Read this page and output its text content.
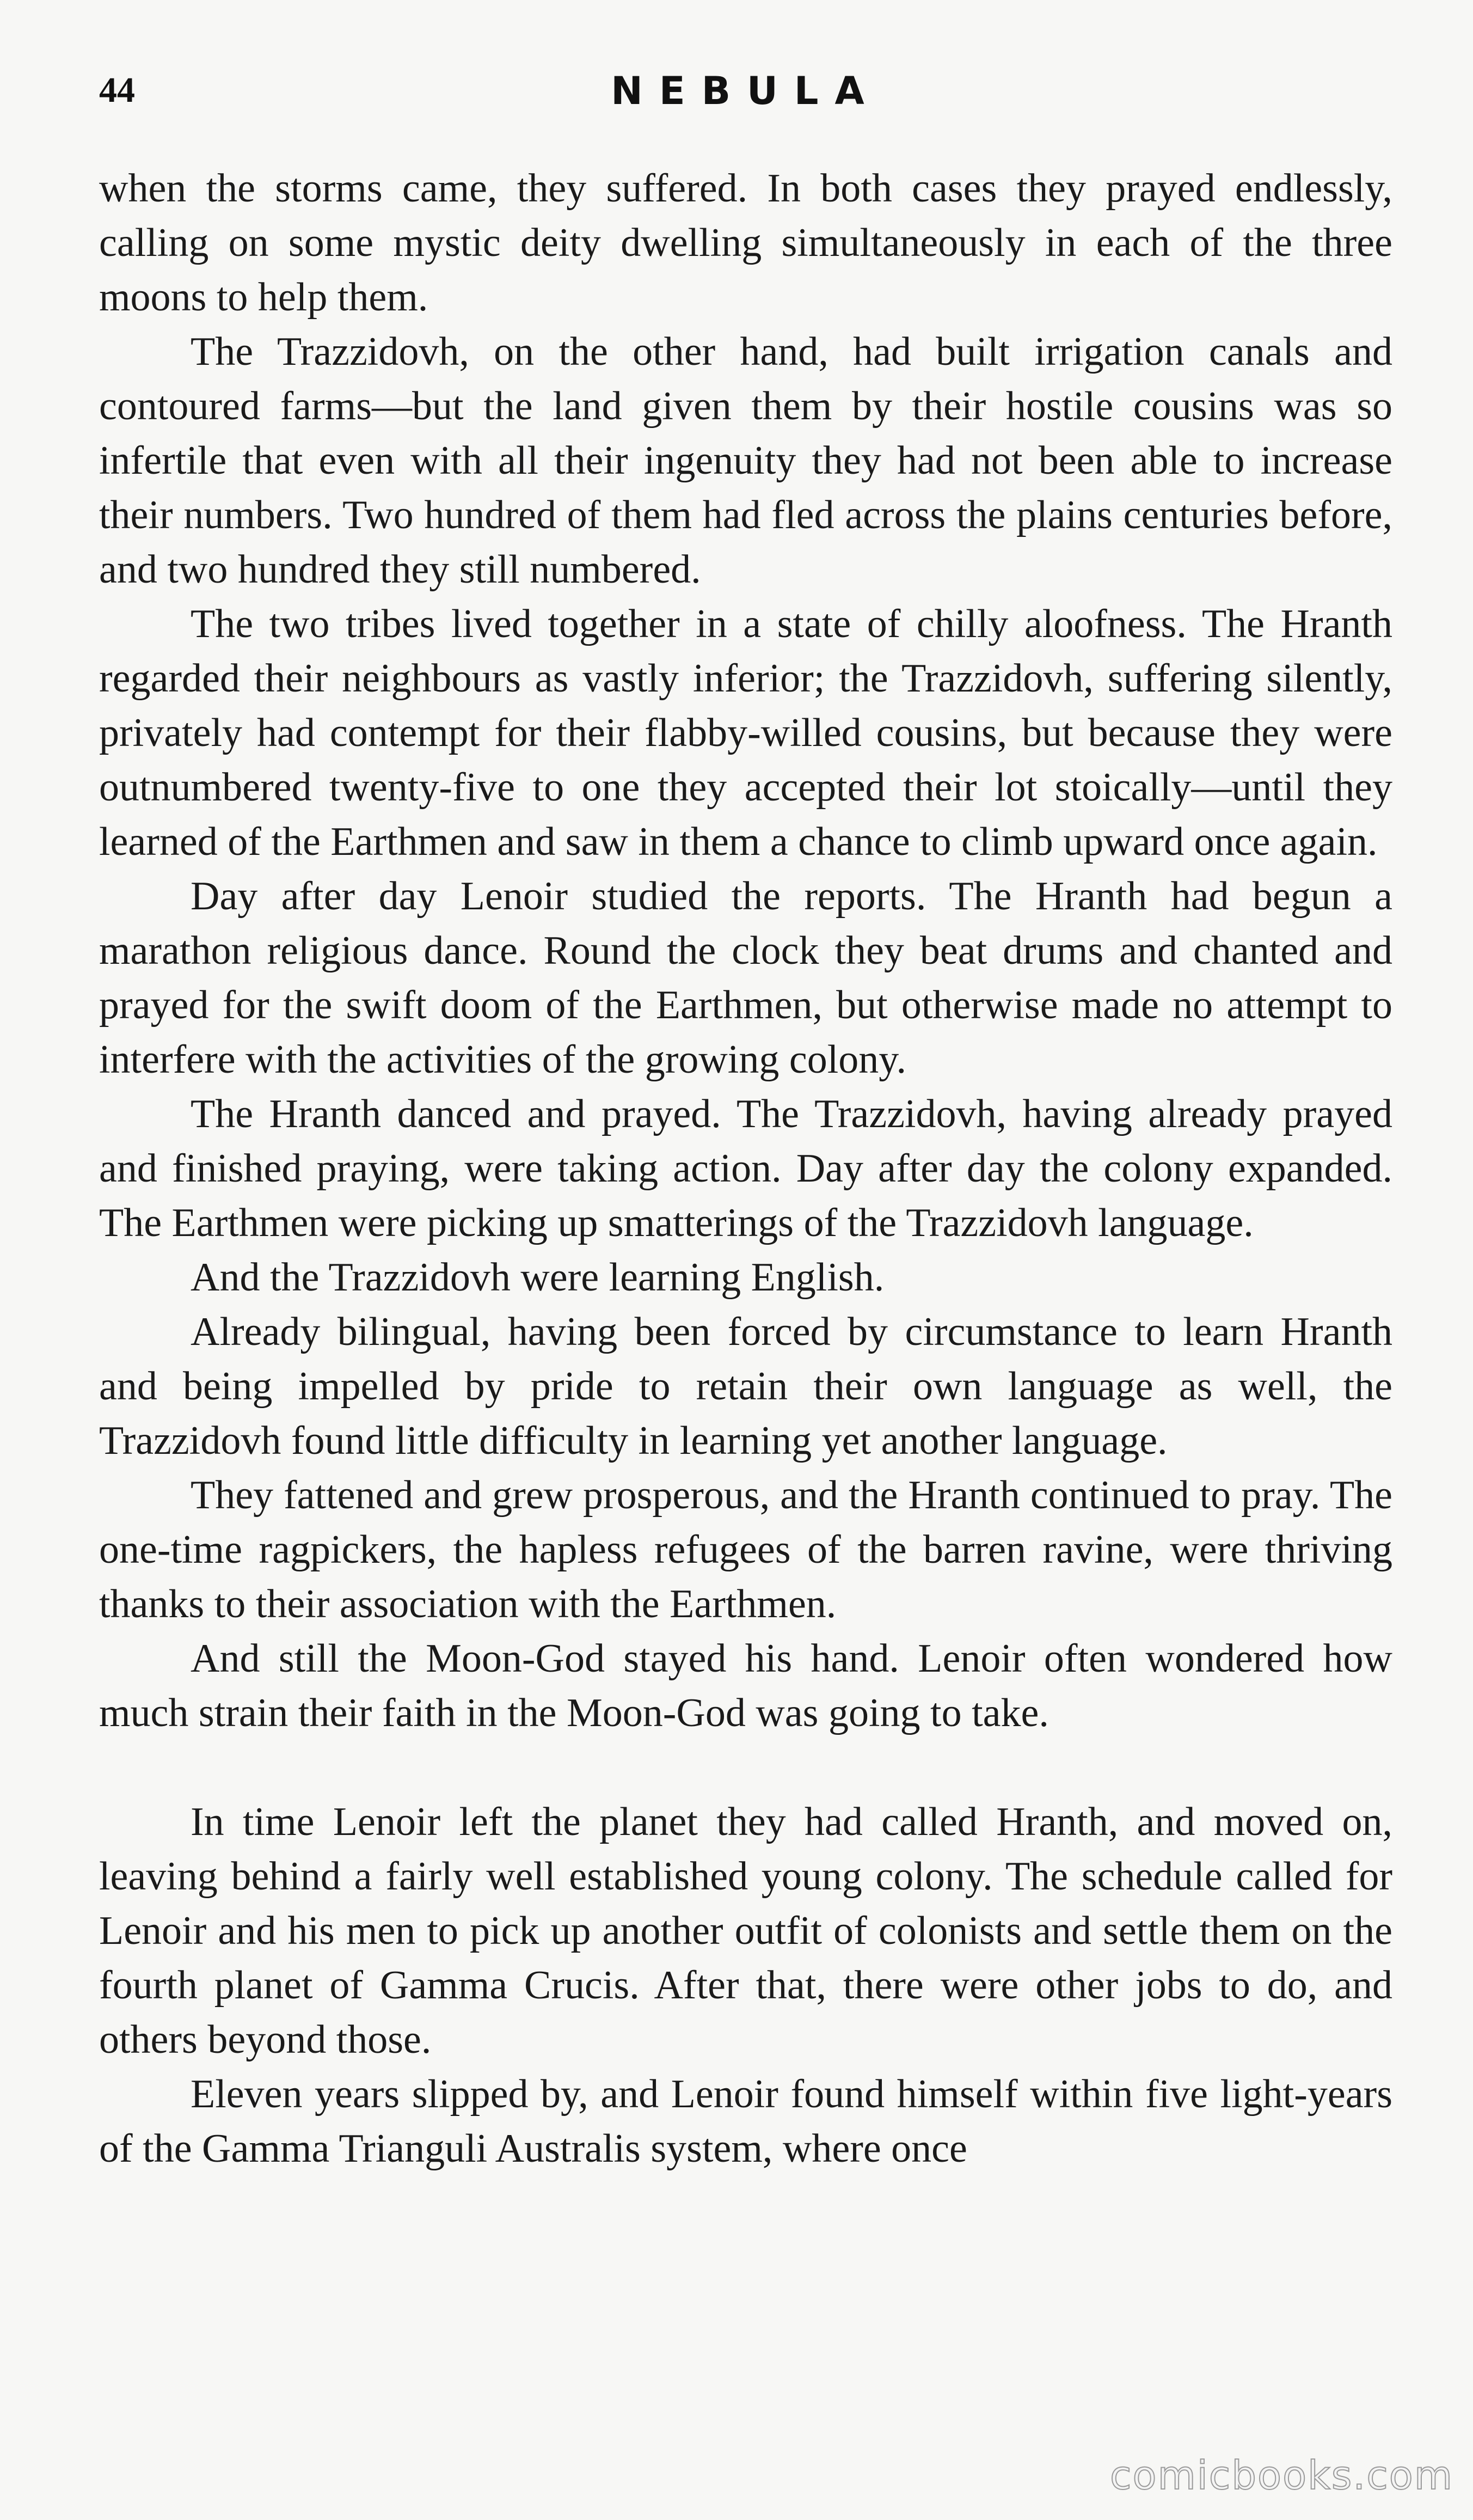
44	NEBULA

when the storms came, they suffered. In both cases they prayed endlessly, calling on some mystic deity dwelling simultaneously in each of the three moons to help them.

The Trazzidovh, on the other hand, had built irrigation canals and contoured farms—but the land given them by their hostile cousins was so infertile that even with all their ingenuity they had not been able to increase their numbers. Two hundred of them had fled across the plains centuries before, and two hundred they still numbered.

The two tribes lived together in a state of chilly aloofness. The Hranth regarded their neighbours as vastly inferior; the Trazzidovh, suffering silently, privately had contempt for their flabby-willed cousins, but because they were outnumbered twenty-five to one they accepted their lot stoically—until they learned of the Earthmen and saw in them a chance to climb upward once again.

Day after day Lenoir studied the reports. The Hranth had begun a marathon religious dance. Round the clock they beat drums and chanted and prayed for the swift doom of the Earthmen, but otherwise made no attempt to interfere with the activities of the growing colony.

The Hranth danced and prayed. The Trazzidovh, having already prayed and finished praying, were taking action. Day after day the colony expanded. The Earthmen were picking up smatterings of the Trazzidovh language.

And the Trazzidovh were learning English.

Already bilingual, having been forced by circumstance to learn Hranth and being impelled by pride to retain their own language as well, the Trazzidovh found little difficulty in learning yet another language.

They fattened and grew prosperous, and the Hranth continued to pray. The one-time ragpickers, the hapless refugees of the barren ravine, were thriving thanks to their association with the Earthmen.

And still the Moon-God stayed his hand. Lenoir often wondered how much strain their faith in the Moon-God was going to take.

In time Lenoir left the planet they had called Hranth, and moved on, leaving behind a fairly well established young colony. The schedule called for Lenoir and his men to pick up another outfit of colonists and settle them on the fourth planet of Gamma Crucis. After that, there were other jobs to do, and others beyond those.

Eleven years slipped by, and Lenoir found himself within five light-years of the Gamma Trianguli Australis system, where once

comicbooks.com
